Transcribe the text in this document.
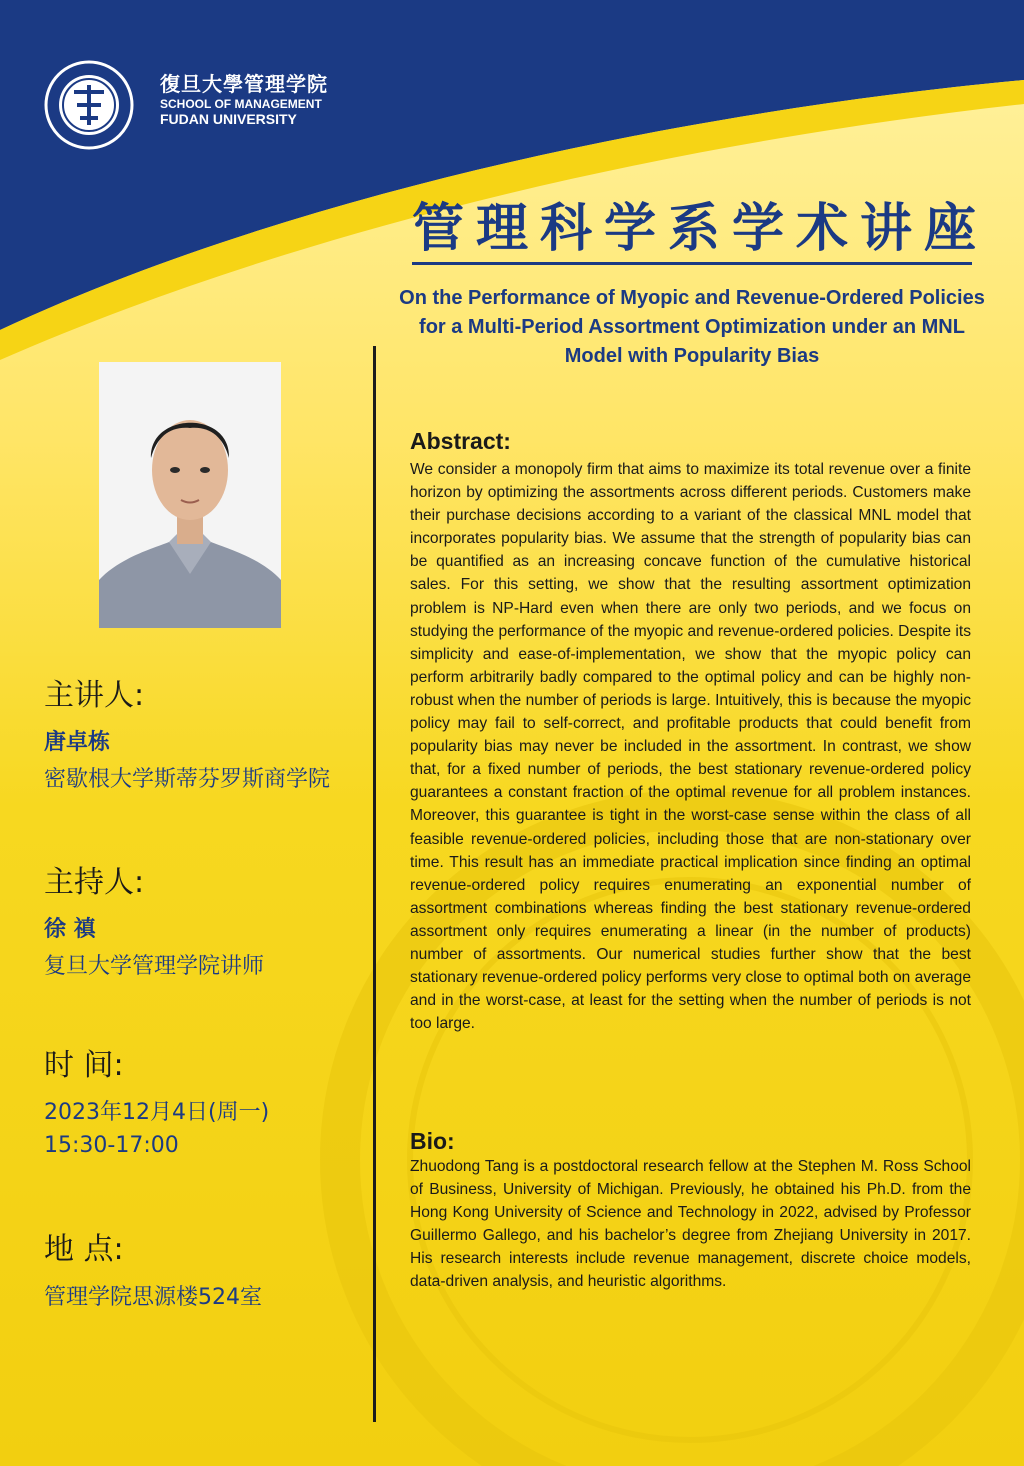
復旦大學管理学院
SCHOOL OF MANAGEMENT
FUDAN UNIVERSITY
管理科学系学术讲座
On the Performance of Myopic and Revenue-Ordered Policies for a Multi-Period Assortment Optimization under an MNL Model with Popularity Bias
主讲人:
唐卓栋
密歇根大学斯蒂芬罗斯商学院
主持人:
徐 禛
复旦大学管理学院讲师
时 间:
2023年12月4日(周一)
15:30-17:00
地 点:
管理学院思源楼524室
Abstract:
We consider a monopoly firm that aims to maximize its total revenue over a finite horizon by optimizing the assortments across different periods. Customers make their purchase decisions according to a variant of the classical MNL model that incorporates popularity bias. We assume that the strength of popularity bias can be quantified as an increasing concave function of the cumulative historical sales. For this setting, we show that the resulting assortment optimization problem is NP-Hard even when there are only two periods, and we focus on studying the performance of the myopic and revenue-ordered policies. Despite its simplicity and ease-of-implementation, we show that the myopic policy can perform arbitrarily badly compared to the optimal policy and can be highly non-robust when the number of periods is large. Intuitively, this is because the myopic policy may fail to self-correct, and profitable products that could benefit from popularity bias may never be included in the assortment. In contrast, we show that, for a fixed number of periods, the best stationary revenue-ordered policy guarantees a constant fraction of the optimal revenue for all problem instances. Moreover, this guarantee is tight in the worst-case sense within the class of all feasible revenue-ordered policies, including those that are non-stationary over time. This result has an immediate practical implication since finding an optimal revenue-ordered policy requires enumerating an exponential number of assortment combinations whereas finding the best stationary revenue-ordered assortment only requires enumerating a linear (in the number of products) number of assortments. Our numerical studies further show that the best stationary revenue-ordered policy performs very close to optimal both on average and in the worst-case, at least for the setting when the number of periods is not too large.
Bio:
Zhuodong Tang is a postdoctoral research fellow at the Stephen M. Ross School of Business, University of Michigan. Previously, he obtained his Ph.D. from the Hong Kong University of Science and Technology in 2022, advised by Professor Guillermo Gallego, and his bachelor’s degree from Zhejiang University in 2017. His research interests include revenue management, discrete choice models, data-driven analysis, and heuristic algorithms.
